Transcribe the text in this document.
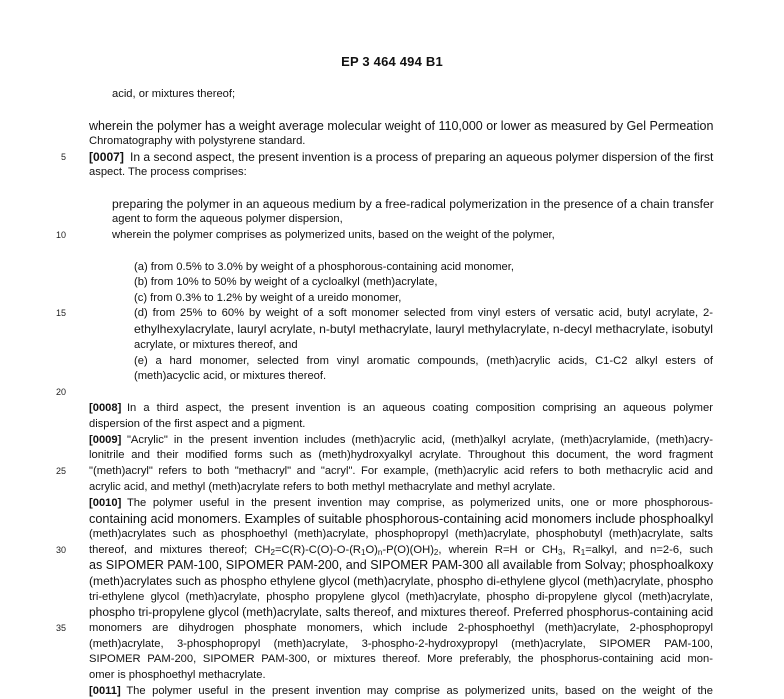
EP 3 464 494 B1
5
10
15
20
25
30
35
acid, or mixtures thereof;
wherein the polymer has a weight average molecular weight of 110,000 or lower as measured by Gel Permeation
Chromatography with polystyrene standard.
[0007]  In a second aspect, the present invention is a process of preparing an aqueous polymer dispersion of the first
aspect. The process comprises:
preparing the polymer in an aqueous medium by a free-radical polymerization in the presence of a chain transfer
agent to form the aqueous polymer dispersion,
wherein the polymer comprises as polymerized units, based on the weight of the polymer,
(a) from 0.5% to 3.0% by weight of a phosphorous-containing acid monomer,
(b) from 10% to 50% by weight of a cycloalkyl (meth)acrylate,
(c) from 0.3% to 1.2% by weight of a ureido monomer,
(d) from 25% to 60% by weight of a soft monomer selected from vinyl esters of versatic acid, butyl acrylate, 2-
ethylhexylacrylate, lauryl acrylate, n-butyl methacrylate, lauryl methylacrylate, n-decyl methacrylate, isobutyl
acrylate, or mixtures thereof, and
(e) a hard monomer, selected from vinyl aromatic compounds, (meth)acrylic acids, C1-C2 alkyl esters of
(meth)acyclic acid, or mixtures thereof.
[0008]  In a third aspect, the present invention is an aqueous coating composition comprising an aqueous polymer
dispersion of the first aspect and a pigment.
[0009]  "Acrylic" in the present invention includes (meth)acrylic acid, (meth)alkyl acrylate, (meth)acrylamide, (meth)acry-
lonitrile and their modified forms such as (meth)hydroxyalkyl acrylate. Throughout this document, the word fragment
"(meth)acryl" refers to both "methacryl" and "acryl". For example, (meth)acrylic acid refers to both methacrylic acid and
acrylic acid, and methyl (meth)acrylate refers to both methyl methacrylate and methyl acrylate.
[0010]  The polymer useful in the present invention may comprise, as polymerized units, one or more phosphorous-
containing acid monomers. Examples of suitable phosphorous-containing acid monomers include phosphoalkyl
(meth)acrylates such as phosphoethyl (meth)acrylate, phosphopropyl (meth)acrylate, phosphobutyl (meth)acrylate, salts
thereof, and mixtures thereof; $CH_2=C(R)-C(O)-O-(R_1O)_n-P(O)(OH)_2$, wherein R=H or $CH_3$, $R_1=alkyl$, and n=2-6, such
as SIPOMER PAM-100, SIPOMER PAM-200, and SIPOMER PAM-300 all available from Solvay; phosphoalkoxy
(meth)acrylates such as phospho ethylene glycol (meth)acrylate, phospho di-ethylene glycol (meth)acrylate, phospho
tri-ethylene glycol (meth)acrylate, phospho propylene glycol (meth)acrylate, phospho di-propylene glycol (meth)acrylate,
phospho tri-propylene glycol (meth)acrylate, salts thereof, and mixtures thereof. Preferred phosphorus-containing acid
monomers are dihydrogen phosphate monomers, which include 2-phosphoethyl (meth)acrylate, 2-phosphopropyl
(meth)acrylate, 3-phosphopropyl (meth)acrylate, 3-phospho-2-hydroxypropyl (meth)acrylate, SIPOMER PAM-100,
SIPOMER PAM-200, SIPOMER PAM-300, or mixtures thereof. More preferably, the phosphorus-containing acid mon-
omer is phosphoethyl methacrylate.
[0011]  The polymer useful in the present invention may comprise as polymerized units, based on the weight of the
